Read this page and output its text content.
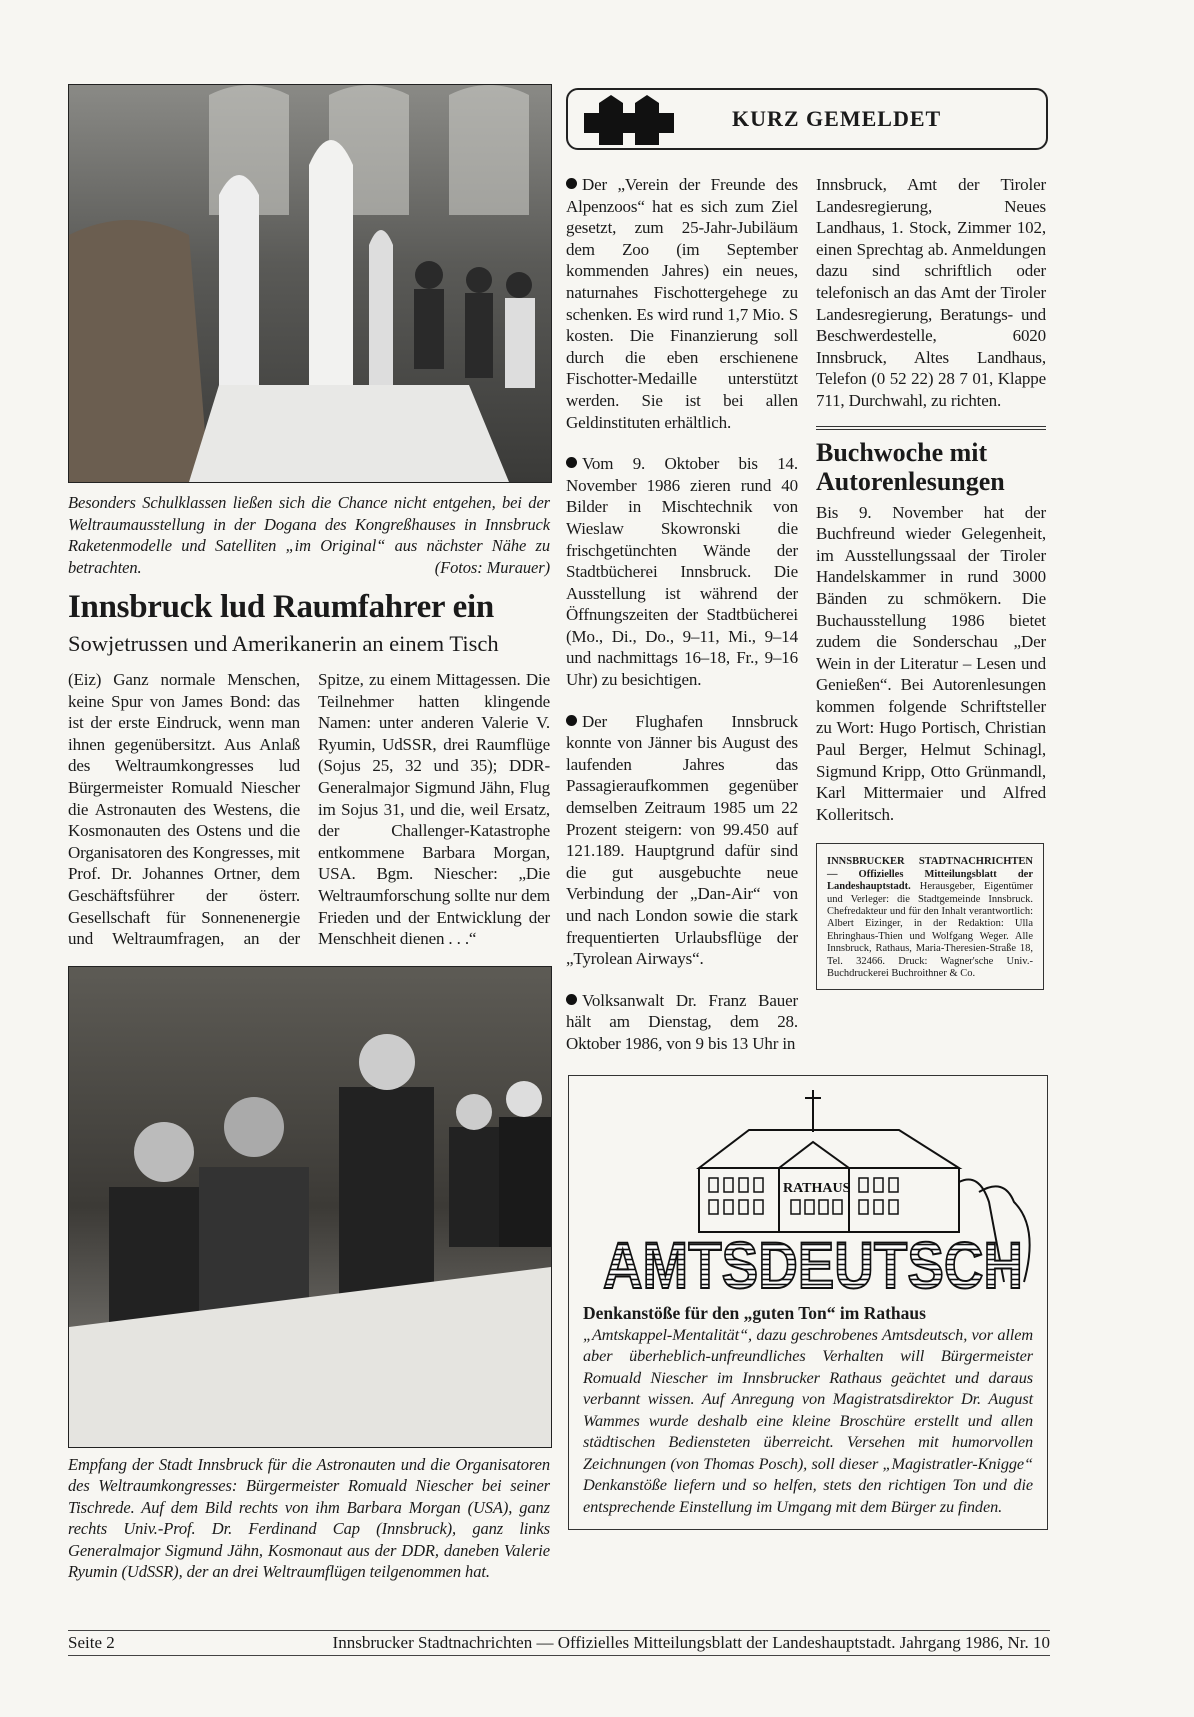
Besonders Schulklassen ließen sich die Chance nicht entgehen, bei der Weltraumausstellung in der Dogana des Kongreßhauses in Innsbruck Raketenmodelle und Satelliten „im Original“ aus nächster Nähe zu betrachten.	(Fotos: Murauer)
Innsbruck lud Raumfahrer ein
Sowjetrussen und Amerikanerin an einem Tisch
(Eiz) Ganz normale Menschen, keine Spur von James Bond: das ist der erste Eindruck, wenn man ihnen gegenübersitzt. Aus Anlaß des Weltraumkongresses lud Bürgermeister Romuald Niescher die Astronauten des Westens, die Kosmonauten des Ostens und die Organisatoren des Kongresses, mit Prof. Dr. Johannes Ortner, dem Geschäftsführer der österr. Gesellschaft für Sonnenenergie und Weltraumfragen, an der Spitze, zu einem Mittagessen. Die Teilnehmer hatten klingende Namen: unter anderen Valerie V. Ryumin, UdSSR, drei Raumflüge (Sojus 25, 32 und 35); DDR-Generalmajor Sigmund Jähn, Flug im Sojus 31, und die, weil Ersatz, der Challenger-Katastrophe entkommene Barbara Morgan, USA. Bgm. Niescher: „Die Weltraumforschung sollte nur dem Frieden und der Entwicklung der Menschheit dienen . . .“
Empfang der Stadt Innsbruck für die Astronauten und die Organisatoren des Weltraumkongresses: Bürgermeister Romuald Niescher bei seiner Tischrede. Auf dem Bild rechts von ihm Barbara Morgan (USA), ganz rechts Univ.-Prof. Dr. Ferdinand Cap (Innsbruck), ganz links Generalmajor Sigmund Jähn, Kosmonaut aus der DDR, daneben Valerie Ryumin (UdSSR), der an drei Weltraumflügen teilgenommen hat.
KURZ GEMELDET

Der „Verein der Freunde des Alpenzoos“ hat es sich zum Ziel gesetzt, zum 25-Jahr-Jubiläum dem Zoo (im September kommenden Jahres) ein neues, naturnahes Fischottergehege zu schenken. Es wird rund 1,7 Mio. S kosten. Die Finanzierung soll durch die eben erschienene Fischotter-Medaille unterstützt werden. Sie ist bei allen Geldinstituten erhältlich.

Vom 9. Oktober bis 14. November 1986 zieren rund 40 Bilder in Mischtechnik von Wieslaw Skowronski die frischgetünchten Wände der Stadtbücherei Innsbruck. Die Ausstellung ist während der Öffnungszeiten der Stadtbücherei (Mo., Di., Do., 9–11, Mi., 9–14 und nachmittags 16–18, Fr., 9–16 Uhr) zu besichtigen.

Der Flughafen Innsbruck konnte von Jänner bis August des laufenden Jahres das Passagieraufkommen gegenüber demselben Zeitraum 1985 um 22 Prozent steigern: von 99.450 auf 121.189. Hauptgrund dafür sind die gut ausgebuchte neue Verbindung der „Dan-Air“ von und nach London sowie die stark frequentierten Urlaubsflüge der „Tyrolean Airways“.

Volksanwalt Dr. Franz Bauer hält am Dienstag, dem 28. Oktober 1986, von 9 bis 13 Uhr in

Innsbruck, Amt der Tiroler Landesregierung, Neues Landhaus, 1. Stock, Zimmer 102, einen Sprechtag ab. Anmeldungen dazu sind schriftlich oder telefonisch an das Amt der Tiroler Landesregierung, Beratungs- und Beschwerdestelle, 6020 Innsbruck, Altes Landhaus, Telefon (0 52 22) 28 7 01, Klappe 711, Durchwahl, zu richten.
Buchwoche mit Autorenlesungen
Bis 9. November hat der Buchfreund wieder Gelegenheit, im Ausstellungssaal der Tiroler Handelskammer in rund 3000 Bänden zu schmökern. Die Buchausstellung 1986 bietet zudem die Sonderschau „Der Wein in der Literatur – Lesen und Genießen“. Bei Autorenlesungen kommen folgende Schriftsteller zu Wort: Hugo Portisch, Christian Paul Berger, Helmut Schinagl, Sigmund Kripp, Otto Grünmandl, Karl Mittermaier und Alfred Kolleritsch.
INNSBRUCKER STADTNACHRICHTEN — Offizielles Mitteilungsblatt der Landeshauptstadt. Herausgeber, Eigentümer und Verleger: die Stadtgemeinde Innsbruck. Chefredakteur und für den Inhalt verantwortlich: Albert Eizinger, in der Redaktion: Ulla Ehringhaus-Thien und Wolfgang Weger. Alle Innsbruck, Rathaus, Maria-Theresien-Straße 18, Tel. 32466. Druck: Wagner'sche Univ.-Buchdruckerei Buchroithner & Co.
RATHAUS
AMTSDEUTSCH
Denkanstöße für den „guten Ton“ im Rathaus
„Amtskappel-Mentalität“, dazu geschrobenes Amtsdeutsch, vor allem aber überheblich-unfreundliches Verhalten will Bürgermeister Romuald Niescher im Innsbrucker Rathaus geächtet und daraus verbannt wissen. Auf Anregung von Magistratsdirektor Dr. August Wammes wurde deshalb eine kleine Broschüre erstellt und allen städtischen Bediensteten überreicht. Versehen mit humorvollen Zeichnungen (von Thomas Posch), soll dieser „Magistratler-Knigge“ Denkanstöße liefern und so helfen, stets den richtigen Ton und die entsprechende Einstellung im Umgang mit dem Bürger zu finden.
Seite 2	Innsbrucker Stadtnachrichten — Offizielles Mitteilungsblatt der Landeshauptstadt. Jahrgang 1986, Nr. 10
